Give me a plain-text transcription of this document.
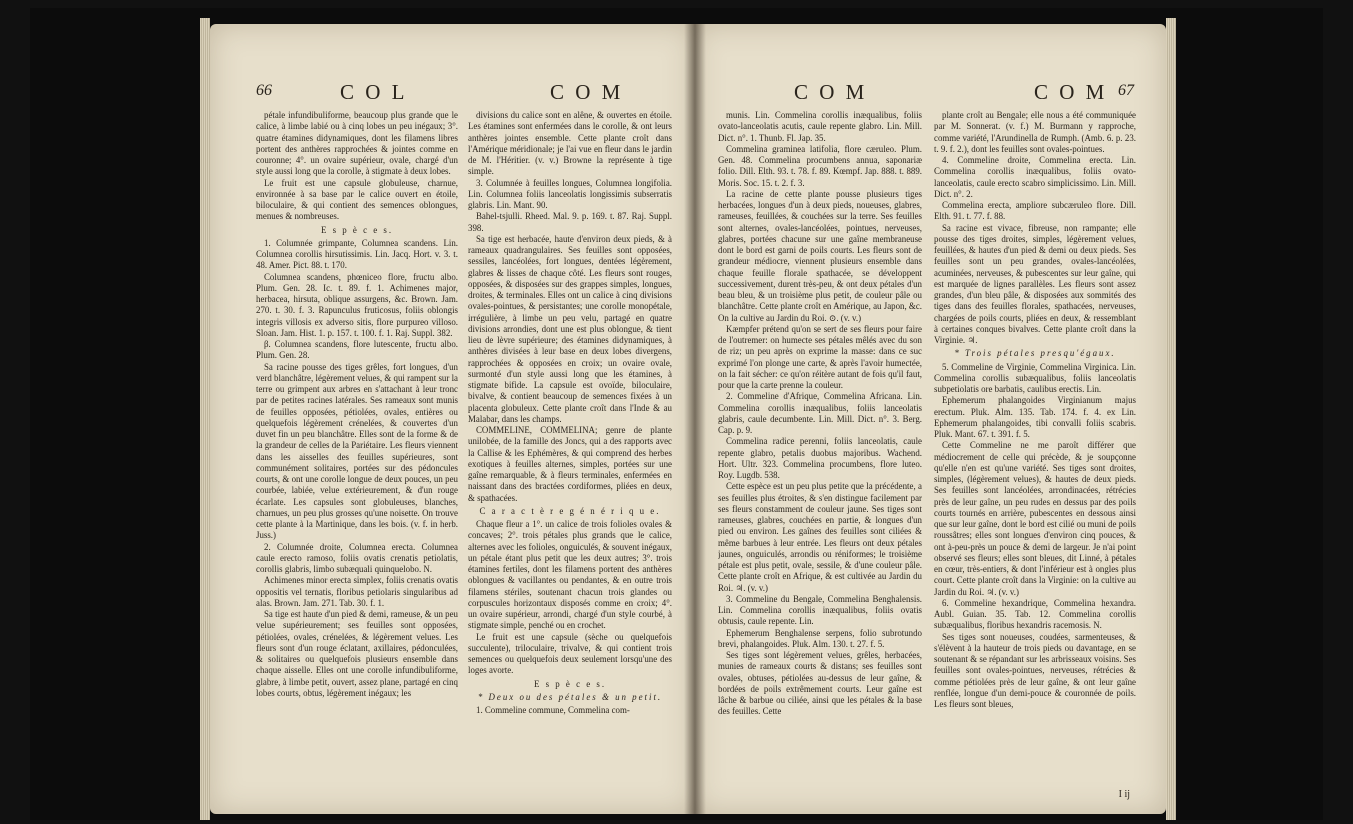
66	C O L	C O M

pétale infundibuliforme, beaucoup plus grande que le calice, à limbe labié ou à cinq lobes un peu inégaux; 3°. quatre étamines didynamiques, dont les filamens libres portent des anthères rapprochées & jointes comme en couronne; 4°. un ovaire supérieur, ovale, chargé d'un style aussi long que la corolle, à stigmate à deux lobes.

Le fruit est une capsule globuleuse, charnue, environnée à sa base par le calice ouvert en étoile, biloculaire, & qui contient des semences oblongues, menues & nombreuses.

E s p è c e s.

1. Columnée grimpante, Columnea scandens. Lin. Columnea corollis hirsutissimis. Lin. Jacq. Hort. v. 3. t. 48. Amer. Pict. 88. t. 170.

Columnea scandens, phœniceo flore, fructu albo. Plum. Gen. 28. Ic. t. 89. f. 1. Achimenes major, herbacea, hirsuta, oblique assurgens, &c. Brown. Jam. 270. t. 30. f. 3. Rapunculus fruticosus, foliis oblongis integris villosis ex adverso sitis, flore purpureo villoso. Sloan. Jam. Hist. 1. p. 157. t. 100. f. 1. Raj. Suppl. 382.

β. Columnea scandens, flore lutescente, fructu albo. Plum. Gen. 28.

Sa racine pousse des tiges grêles, fort longues, d'un verd blanchâtre, légèrement velues, & qui rampent sur la terre ou grimpent aux arbres en s'attachant à leur tronc par de petites racines latérales. Ses rameaux sont munis de feuilles opposées, pétiolées, ovales, entières ou quelquefois légèrement crénelées, & couvertes d'un duvet fin un peu blanchâtre. Elles sont de la forme & de la grandeur de celles de la Pariétaire. Les fleurs viennent dans les aisselles des feuilles supérieures, sont communément solitaires, portées sur des pédoncules courts, & ont une corolle longue de deux pouces, un peu courbée, labiée, velue extérieurement, & d'un rouge écarlate. Les capsules sont globuleuses, blanches, charnues, un peu plus grosses qu'une noisette. On trouve cette plante à la Martinique, dans les bois. (v. f. in herb. Juss.)

2. Columnée droite, Columnea erecta. Columnea caule erecto ramoso, foliis ovatis crenatis petiolatis, corollis glabris, limbo subæquali quinquelobo. N.

Achimenes minor erecta simplex, foliis crenatis ovatis oppositis vel ternatis, floribus petiolaris singularibus ad alas. Brown. Jam. 271. Tab. 30. f. 1.

Sa tige est haute d'un pied & demi, rameuse, & un peu velue supérieurement; ses feuilles sont opposées, pétiolées, ovales, crénelées, & légèrement velues. Les fleurs sont d'un rouge éclatant, axillaires, pédonculées, & solitaires ou quelquefois plusieurs ensemble dans chaque aisselle. Elles ont une corolle infundibuliforme, glabre, à limbe petit, ouvert, assez plane, partagé en cinq lobes courts, obtus, légèrement inégaux; les

divisions du calice sont en alêne, & ouvertes en étoile. Les étamines sont enfermées dans le corolle, & ont leurs anthères jointes ensemble. Cette plante croît dans l'Amérique méridionale; je l'ai vue en fleur dans le jardin de M. l'Héritier. (v. v.) Browne la représente à tige simple.

3. Columnée à feuilles longues, Columnea longifolia. Lin. Columnea foliis lanceolatis longissimis subserratis glabris. Lin. Mant. 90.

Bahel-tsjulli. Rheed. Mal. 9. p. 169. t. 87. Raj. Suppl. 398.

Sa tige est herbacée, haute d'environ deux pieds, & à rameaux quadrangulaires. Ses feuilles sont opposées, sessiles, lancéolées, fort longues, dentées légèrement, glabres & lisses de chaque côté. Les fleurs sont rouges, opposées, & disposées sur des grappes simples, longues, droites, & terminales. Elles ont un calice à cinq divisions ovales-pointues, & persistantes; une corolle monopétale, irrégulière, à limbe un peu velu, partagé en quatre divisions arrondies, dont une est plus oblongue, & tient lieu de lèvre supérieure; des étamines didynamiques, à anthères divisées à leur base en deux lobes divergens, rapprochées & opposées en croix; un ovaire ovale, surmonté d'un style aussi long que les étamines, à stigmate bifide. La capsule est ovoïde, biloculaire, bivalve, & contient beaucoup de semences fixées à un placenta globuleux. Cette plante croît dans l'Inde & au Malabar, dans les champs.

COMMELINE, COMMELINA; genre de plante unilobée, de la famille des Joncs, qui a des rapports avec la Callise & les Ephémères, & qui comprend des herbes exotiques à feuilles alternes, simples, portées sur une gaîne remarquable, & à fleurs terminales, enfermées en naissant dans des bractées cordiformes, pliées en deux, & spathacées.

C a r a c t è r e g é n é r i q u e.

Chaque fleur a 1°. un calice de trois folioles ovales & concaves; 2°. trois pétales plus grands que le calice, alternes avec les folioles, onguiculés, & souvent inégaux, un pétale étant plus petit que les deux autres; 3°. trois étamines fertiles, dont les filamens portent des anthères oblongues & vacillantes ou pendantes, & en outre trois filamens stériles, soutenant chacun trois glandes ou corpuscules horizontaux disposés comme en croix; 4°. un ovaire supérieur, arrondi, chargé d'un style courbé, à stigmate simple, penché ou en crochet.

Le fruit est une capsule (sèche ou quelquefois succulente), triloculaire, trivalve, & qui contient trois semences ou quelquefois deux seulement lorsqu'une des loges avorte.

E s p è c e s.

* Deux ou des pétales & un petit.

1. Commeline commune, Commelina com-

C O M	C O M 67

munis. Lin. Commelina corollis inæqualibus, foliis ovato-lanceolatis acutis, caule repente glabro. Lin. Mill. Dict. n°. 1. Thunb. Fl. Jap. 35.

Commelina graminea latifolia, flore cæruleo. Plum. Gen. 48. Commelina procumbens annua, saponariæ folio. Dill. Elth. 93. t. 78. f. 89. Kœmpf. Jap. 888. t. 889. Moris. Soc. 15. t. 2. f. 3.

La racine de cette plante pousse plusieurs tiges herbacées, longues d'un à deux pieds, noueuses, glabres, rameuses, feuillées, & couchées sur la terre. Ses feuilles sont alternes, ovales-lancéolées, pointues, nerveuses, glabres, portées chacune sur une gaîne membraneuse dont le bord est garni de poils courts. Les fleurs sont de grandeur médiocre, viennent plusieurs ensemble dans chaque feuille florale spathacée, se développent successivement, durent très-peu, & ont deux pétales d'un beau bleu, & un troisième plus petit, de couleur pâle ou blanchâtre. Cette plante croît en Amérique, au Japon, &c. On la cultive au Jardin du Roi. ⊙. (v. v.)

Kæmpfer prétend qu'on se sert de ses fleurs pour faire de l'outremer: on humecte ses pétales mêlés avec du son de riz; un peu après on exprime la masse: dans ce suc exprimé l'on plonge une carte, & après l'avoir humectée, on la fait sécher: ce qu'on réitère autant de fois qu'il faut, pour que la carte prenne la couleur.

2. Commeline d'Afrique, Commelina Africana. Lin. Commelina corollis inæqualibus, foliis lanceolatis glabris, caule decumbente. Lin. Mill. Dict. n°. 3. Berg. Cap. p. 9.

Commelina radice perenni, foliis lanceolatis, caule repente glabro, petalis duobus majoribus. Wachend. Hort. Ultr. 323. Commelina procumbens, flore luteo. Roy. Lugdb. 538.

Cette espèce est un peu plus petite que la précédente, a ses feuilles plus étroites, & s'en distingue facilement par ses fleurs constamment de couleur jaune. Ses tiges sont rameuses, glabres, couchées en partie, & longues d'un pied ou environ. Les gaînes des feuilles sont ciliées & même barbues à leur entrée. Les fleurs ont deux pétales jaunes, onguiculés, arrondis ou réniformes; le troisième pétale est plus petit, ovale, sessile, & d'une couleur pâle. Cette plante croît en Afrique, & est cultivée au Jardin du Roi. ♃. (v. v.)

3. Commeline du Bengale, Commelina Benghalensis. Lin. Commelina corollis inæqualibus, foliis ovatis obtusis, caule repente. Lin.

Ephemerum Benghalense serpens, folio subrotundo brevi, phalangoides. Pluk. Alm. 130. t. 27. f. 5.

Ses tiges sont légèrement velues, grêles, herbacées, munies de rameaux courts & distans; ses feuilles sont ovales, obtuses, pétiolées au-dessus de leur gaîne, & bordées de poils extrêmement courts. Leur gaîne est lâche & barbue ou ciliée, ainsi que les pétales & la base des feuilles. Cette

plante croît au Bengale; elle nous a été communiquée par M. Sonnerat. (v. f.) M. Burmann y rapproche, comme variété, l'Arundinella de Rumph. (Amb. 6. p. 23. t. 9. f. 2.), dont les feuilles sont ovales-pointues.

4. Commeline droite, Commelina erecta. Lin. Commelina corollis inæqualibus, foliis ovato-lanceolatis, caule erecto scabro simplicissimo. Lin. Mill. Dict. n°. 2.

Commelina erecta, ampliore subcæruleo flore. Dill. Elth. 91. t. 77. f. 88.

Sa racine est vivace, fibreuse, non rampante; elle pousse des tiges droites, simples, légèrement velues, feuillées, & hautes d'un pied & demi ou deux pieds. Ses feuilles sont un peu grandes, ovales-lancéolées, acuminées, nerveuses, & pubescentes sur leur gaîne, qui est marquée de lignes parallèles. Les fleurs sont assez grandes, d'un bleu pâle, & disposées aux sommités des tiges dans des feuilles florales, spathacées, nerveuses, chargées de poils courts, pliées en deux, & ressemblant à certaines conques bivalves. Cette plante croît dans la Virginie. ♃.

* Trois pétales presqu'égaux.

5. Commeline de Virginie, Commelina Virginica. Lin. Commelina corollis subæqualibus, foliis lanceolatis subpetiolatis ore barbatis, caulibus erectis. Lin.

Ephemerum phalangoides Virginianum majus erectum. Pluk. Alm. 135. Tab. 174. f. 4. ex Lin. Ephemerum phalangoides, tibi convalli foliis scabris. Pluk. Mant. 67. t. 391. f. 5.

Cette Commeline ne me paroît différer que médiocrement de celle qui précède, & je soupçonne qu'elle n'en est qu'une variété. Ses tiges sont droites, simples, (légèrement velues), & hautes de deux pieds. Ses feuilles sont lancéolées, arrondinacées, rétrécies près de leur gaîne, un peu rudes en dessus par des poils courts tournés en arrière, pubescentes en dessous ainsi que sur leur gaîne, dont le bord est cilié ou muni de poils roussâtres; elles sont longues d'environ cinq pouces, & ont à-peu-près un pouce & demi de largeur. Je n'ai point observé ses fleurs; elles sont bleues, dit Linné, à pétales en cœur, très-entiers, & dont l'inférieur est à ongles plus court. Cette plante croît dans la Virginie: on la cultive au Jardin du Roi. ♃. (v. v.)

6. Commeline hexandrique, Commelina hexandra. Aubl. Guian. 35. Tab. 12. Commelina corollis subæqualibus, floribus hexandris racemosis. N.

Ses tiges sont noueuses, coudées, sarmenteuses, & s'élèvent à la hauteur de trois pieds ou davantage, en se soutenant & se répandant sur les arbrisseaux voisins. Ses feuilles sont ovales-pointues, nerveuses, rétrécies & comme pétiolées près de leur gaîne, & ont leur gaîne renflée, longue d'un demi-pouce & couronnée de poils. Les fleurs sont bleues,

I ij
